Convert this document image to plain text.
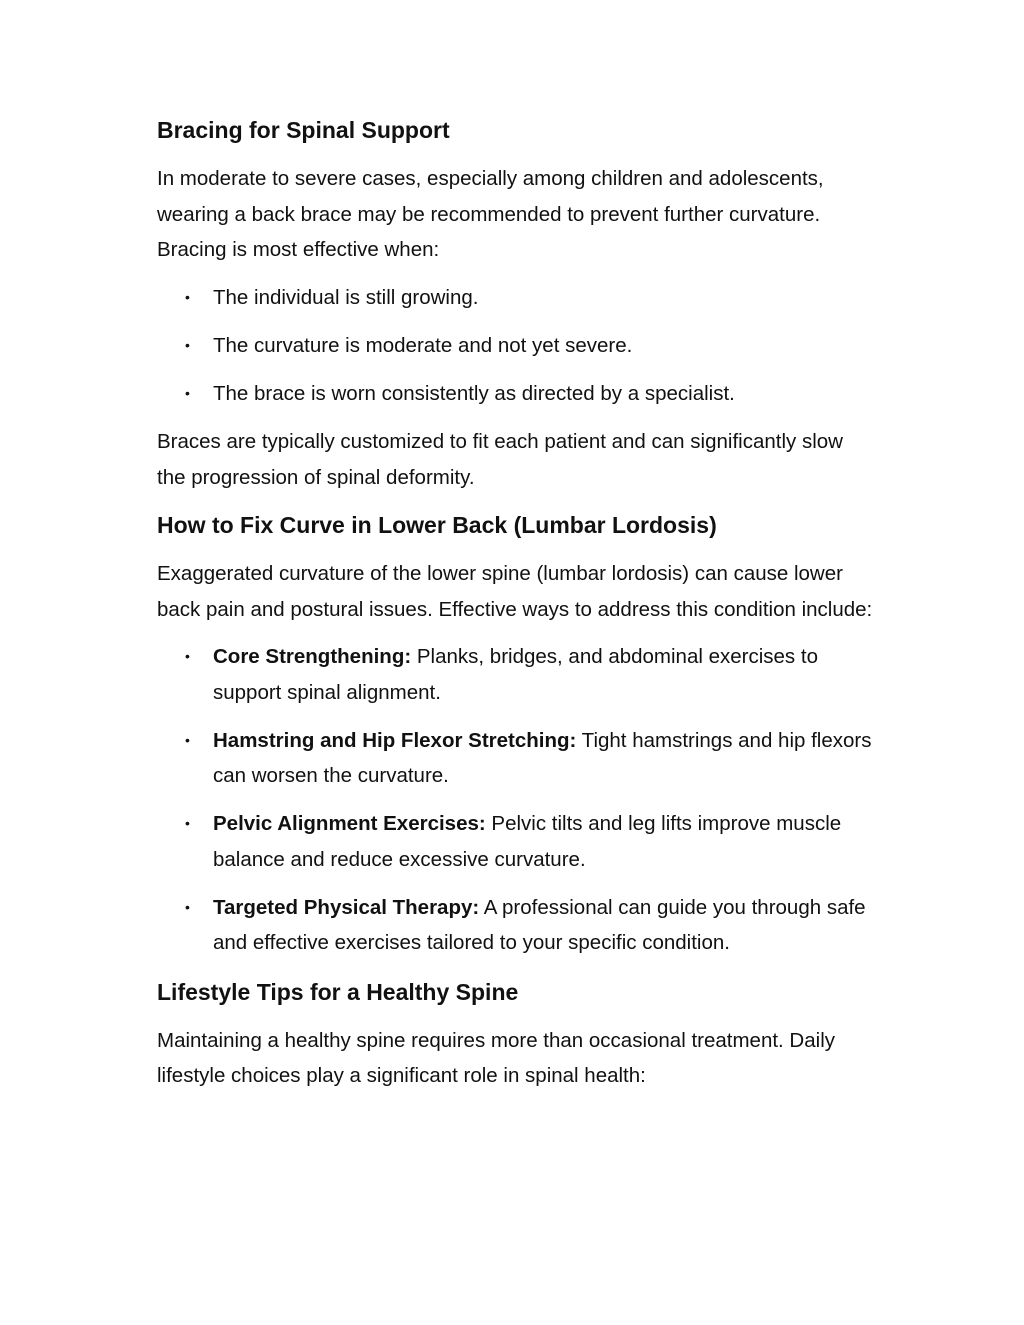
Bracing for Spinal Support

In moderate to severe cases, especially among children and adolescents, wearing a back brace may be recommended to prevent further curvature. Bracing is most effective when:

• The individual is still growing.
• The curvature is moderate and not yet severe.
• The brace is worn consistently as directed by a specialist.

Braces are typically customized to fit each patient and can significantly slow the progression of spinal deformity.

How to Fix Curve in Lower Back (Lumbar Lordosis)

Exaggerated curvature of the lower spine (lumbar lordosis) can cause lower back pain and postural issues. Effective ways to address this condition include:

• Core Strengthening: Planks, bridges, and abdominal exercises to support spinal alignment.
• Hamstring and Hip Flexor Stretching: Tight hamstrings and hip flexors can worsen the curvature.
• Pelvic Alignment Exercises: Pelvic tilts and leg lifts improve muscle balance and reduce excessive curvature.
• Targeted Physical Therapy: A professional can guide you through safe and effective exercises tailored to your specific condition.
Lifestyle Tips for a Healthy Spine

Maintaining a healthy spine requires more than occasional treatment. Daily lifestyle choices play a significant role in spinal health:
